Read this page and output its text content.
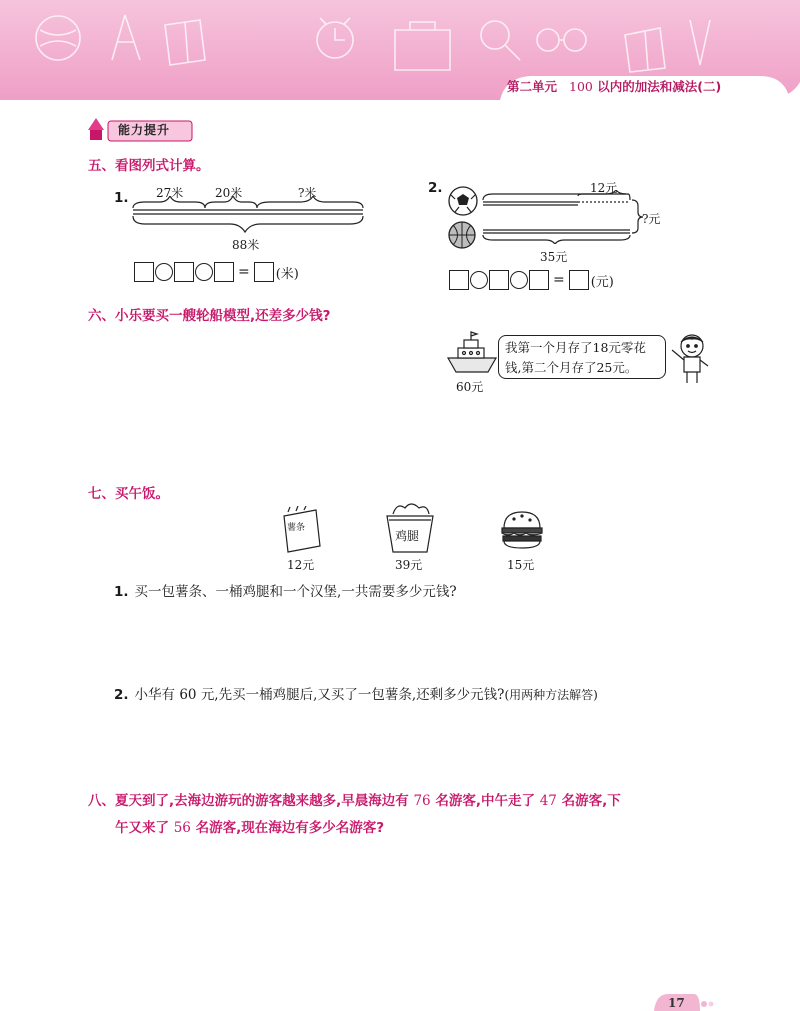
第二单元 100 以内的加法和减法(二)
能力提升
五、看图列式计算。
1.	27米	20米	?米
88米
= (米)
2.	12元
?元
35元
= (元)
六、小乐要买一艘轮船模型,还差多少钱?
60元
我第一个月存了18元零花
钱,第二个月存了25元。
七、买午饭。
薯条
鸡腿
12元	39元	15元
1. 买一包薯条、一桶鸡腿和一个汉堡,一共需要多少元钱?
2. 小华有 60 元,先买一桶鸡腿后,又买了一包薯条,还剩多少元钱?(用两种方法解答)
八、夏天到了,去海边游玩的游客越来越多,早晨海边有 76 名游客,中午走了 47 名游客,下
午又来了 56 名游客,现在海边有多少名游客?
17
